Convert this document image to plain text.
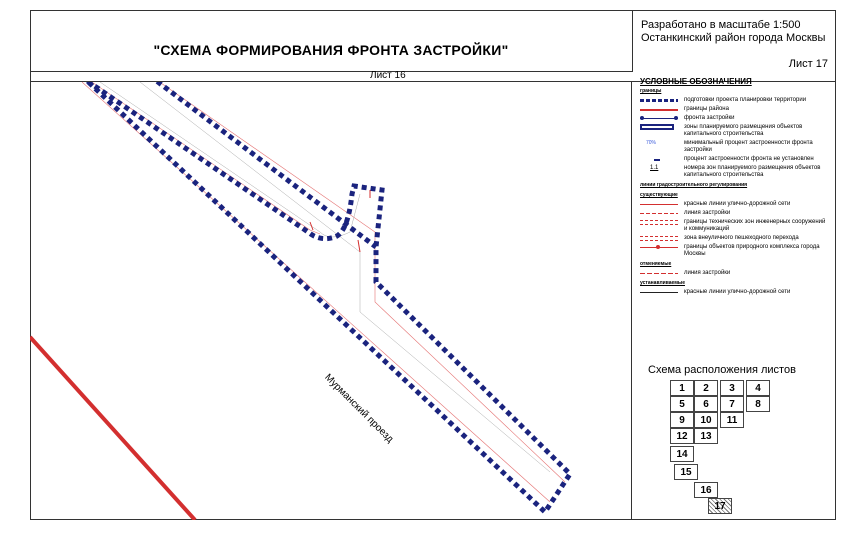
"СХЕМА ФОРМИРОВАНИЯ ФРОНТА ЗАСТРОЙКИ"
Разработано в масштабе 1:500
Останкинский район города Москвы
Лист 17
Лист 16
Мурманский проезд
УСЛОВНЫЕ ОБОЗНАЧЕНИЯ
границы
подготовки проекта планировки территории
границы района
фронта застройки
зоны планируемого размещения объектов капитального строительства
70%	минимальный процент застроенности фронта застройки
процент застроенности фронта не установлен
1.1	номера зон планируемого размещения объектов капитального строительства
линии градостроительного регулирования
существующие
красные линии улично-дорожной сети
линия застройки
границы технических зон инженерных сооружений и коммуникаций
зона внеуличного пешеходного перехода
границы объектов природного комплекса города Москвы
отменяемые
линия застройки
устанавливаемые
красные линии улично-дорожной сети
Схема расположения листов
1	2	3	4
5	6	7	8
9	10	11
12	13
14
15
16
17
